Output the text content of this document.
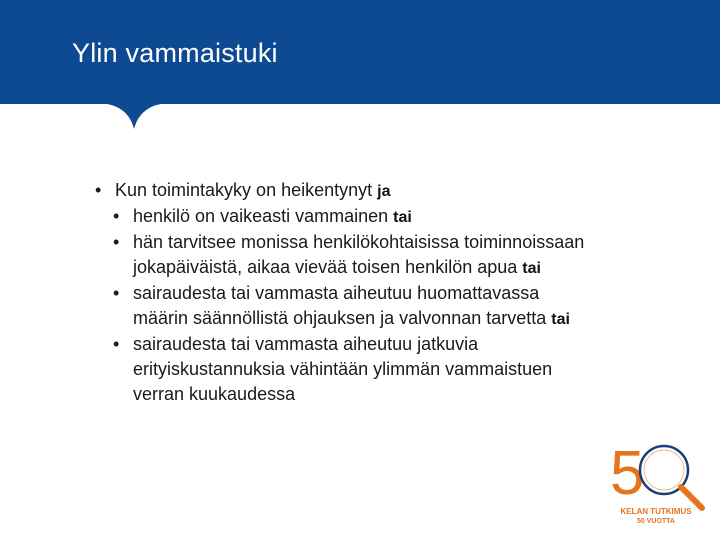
Ylin vammaistuki
• Kun toimintakyky on heikentynyt ja
• henkilö on vaikeasti vammainen tai
• hän tarvitsee monissa henkilökohtaisissa toiminnoissaan
jokapäiväistä, aikaa vievää toisen henkilön apua tai
• sairaudesta tai vammasta aiheutuu huomattavassa
määrin säännöllistä ohjauksen ja valvonnan tarvetta tai
• sairaudesta tai vammasta aiheutuu jatkuvia
erityiskustannuksia vähintään ylimmän vammaistuen
verran kuukaudessa
5
KELAN TUTKIMUS
50 VUOTTA
